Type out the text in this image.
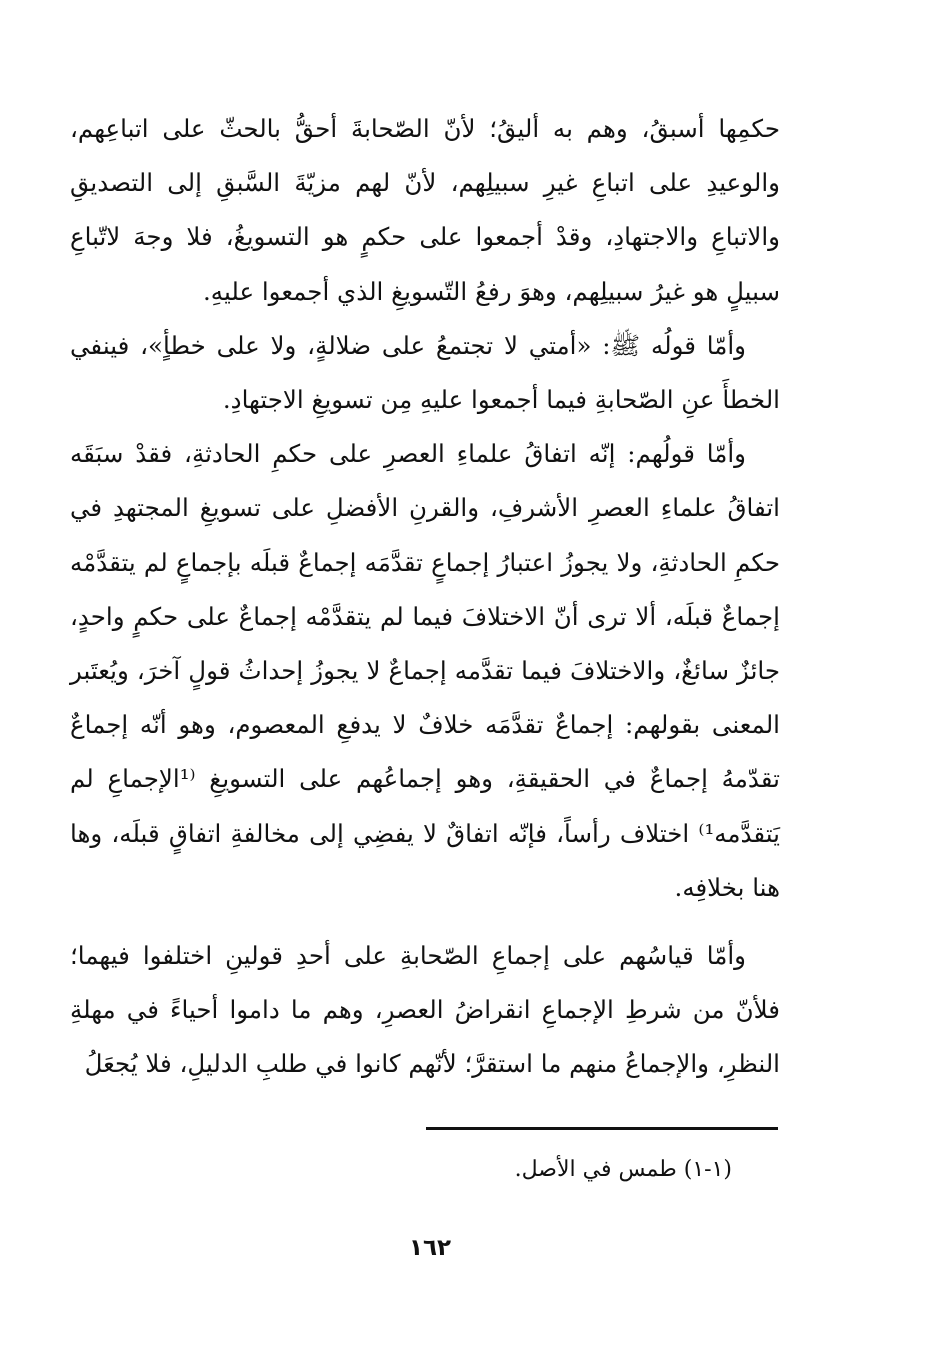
حكمِها أسبقُ، وهم به أليقُ؛ لأنّ الصّحابةَ أحقُّ بالحثّ على اتباعِهم، والوعيدِ على اتباعِ غيرِ سبيلِهم، لأنّ لهم مزيّةَ السَّبقِ إلى التصديقِ والاتباعِ والاجتهادِ، وقدْ أجمعوا على حكمٍ هو التسويغُ، فلا وجهَ لاتّباعِ سبيلٍ هو غيرُ سبيلِهم، وهوَ رفعُ التّسويغِ الذي أجمعوا عليهِ.

وأمّا قولُه ﷺ: «أمتي لا تجتمعُ على ضلالةٍ، ولا على خطأٍ»، فينفي الخطأَ عنِ الصّحابةِ فيما أجمعوا عليهِ مِن تسويغِ الاجتهادِ.

وأمّا قولُهم: إنّه اتفاقُ علماءِ العصرِ على حكمِ الحادثةِ، فقدْ سبَقَه اتفاقُ علماءِ العصرِ الأشرفِ، والقرنِ الأفضلِ على تسويغِ المجتهدِ في حكمِ الحادثةِ، ولا يجوزُ اعتبارُ إجماعٍ تقدَّمَه إجماعٌ قبلَه بإجماعٍ لم يتقدَّمْه إجماعٌ قبلَه، ألا ترى أنّ الاختلافَ فيما لم يتقدَّمْه إجماعٌ على حكمٍ واحدٍ، جائزٌ سائغٌ، والاختلافَ فيما تقدَّمه إجماعٌ لا يجوزُ إحداثُ قولٍ آخرَ، ويُعتَبر المعنى بقولهم: إجماعٌ تقدَّمَه خلافٌ لا يدفعِ المعصوم، وهو أنّه إجماعٌ تقدّمهُ إجماعٌ في الحقيقةِ، وهو إجماعُهم على التسويغِ ⁽¹الإجماعِ لم يَتقدَّمه¹⁾ اختلاف رأساً، فإنّه اتفاقٌ لا يفضِي إلى مخالفةِ اتفاقٍ قبلَه، وها هنا بخلافِه.

وأمّا قياسُهم على إجماعِ الصّحابةِ على أحدِ قولينِ اختلفوا فيهما؛ فلأنّ من شرطِ الإجماعِ انقراضُ العصرِ، وهم ما داموا أحياءً في مهلةِ النظرِ، والإجماعُ منهم ما استقرَّ؛ لأنّهم كانوا في طلبِ الدليلِ، فلا يُجعَلُ

(١-١) طمس في الأصل.
١٦٢
